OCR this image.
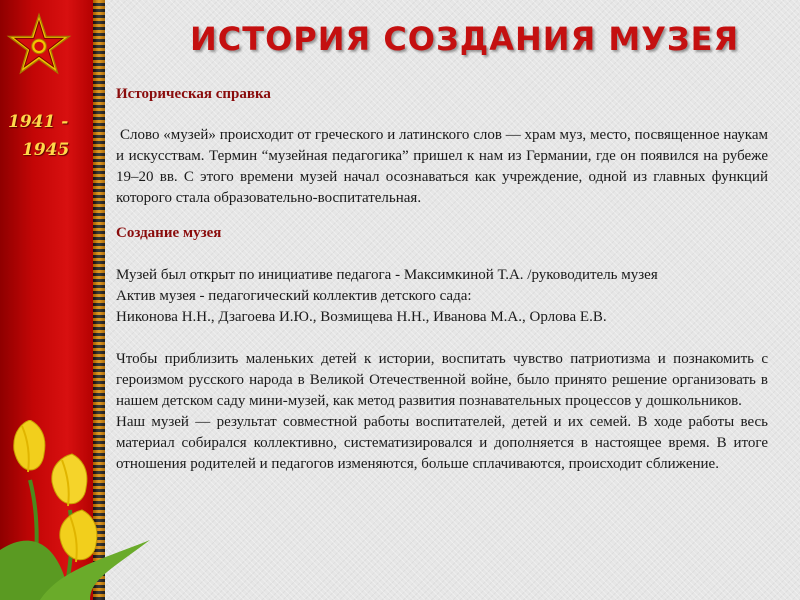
1941 -
1945
ИСТОРИЯ СОЗДАНИЯ МУЗЕЯ

Историческая справка

Слово «музей» происходит от греческого и латинского слов — храм муз, место, посвященное наукам и искусствам. Термин “музейная педагогика” пришел к нам из Германии, где он появился на рубеже 19–20 вв. С этого времени музей начал осознаваться как учреждение, одной из главных функций которого стала образовательно-воспитательная.

Создание музея

Музей был открыт по инициативе педагога - Максимкиной Т.А. /руководитель музея

Актив музея - педагогический коллектив детского сада:

Никонова Н.Н., Дзагоева И.Ю., Возмищева Н.Н., Иванова М.А., Орлова Е.В.

Чтобы приблизить маленьких детей к истории, воспитать чувство патриотизма и познакомить с героизмом русского народа в Великой Отечественной войне, было принято решение организовать в нашем детском саду мини-музей, как метод развития познавательных процессов у дошкольников.

Наш музей — результат совместной работы воспитателей, детей и их семей. В ходе работы весь материал собирался коллективно, систематизировался и дополняется в настоящее время. В итоге отношения родителей и педагогов изменяются, больше сплачиваются, происходит сближение.
